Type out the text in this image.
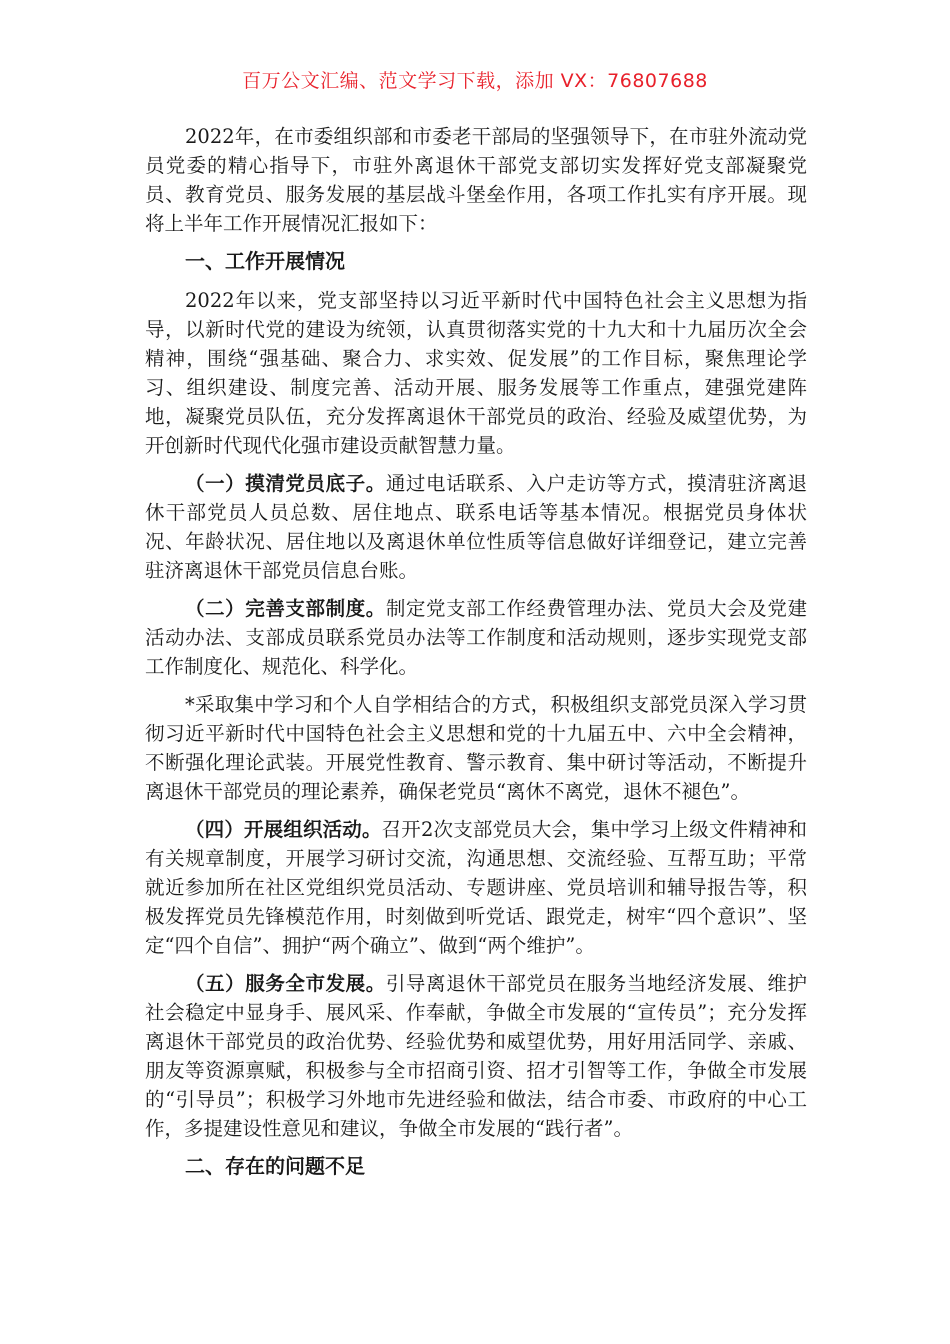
百万公文汇编、范文学习下载，添加 VX：76807688

2022年，在市委组织部和市委老干部局的坚强领导下，在市驻外流动党员党委的精心指导下，市驻外离退休干部党支部切实发挥好党支部凝聚党员、教育党员、服务发展的基层战斗堡垒作用，各项工作扎实有序开展。现将上半年工作开展情况汇报如下：

一、工作开展情况

2022年以来，党支部坚持以习近平新时代中国特色社会主义思想为指导，以新时代党的建设为统领，认真贯彻落实党的十九大和十九届历次全会精神，围绕“强基础、聚合力、求实效、促发展”的工作目标，聚焦理论学习、组织建设、制度完善、活动开展、服务发展等工作重点，建强党建阵地，凝聚党员队伍，充分发挥离退休干部党员的政治、经验及威望优势，为开创新时代现代化强市建设贡献智慧力量。

（一）摸清党员底子。通过电话联系、入户走访等方式，摸清驻济离退休干部党员人员总数、居住地点、联系电话等基本情况。根据党员身体状况、年龄状况、居住地以及离退休单位性质等信息做好详细登记，建立完善驻济离退休干部党员信息台账。

（二）完善支部制度。制定党支部工作经费管理办法、党员大会及党建活动办法、支部成员联系党员办法等工作制度和活动规则，逐步实现党支部工作制度化、规范化、科学化。

*采取集中学习和个人自学相结合的方式，积极组织支部党员深入学习贯彻习近平新时代中国特色社会主义思想和党的十九届五中、六中全会精神，不断强化理论武装。开展党性教育、警示教育、集中研讨等活动，不断提升离退休干部党员的理论素养，确保老党员“离休不离党，退休不褪色”。

（四）开展组织活动。召开2次支部党员大会，集中学习上级文件精神和有关规章制度，开展学习研讨交流，沟通思想、交流经验、互帮互助；平常就近参加所在社区党组织党员活动、专题讲座、党员培训和辅导报告等，积极发挥党员先锋模范作用，时刻做到听党话、跟党走，树牢“四个意识”、坚定“四个自信”、拥护“两个确立”、做到“两个维护”。

（五）服务全市发展。引导离退休干部党员在服务当地经济发展、维护社会稳定中显身手、展风采、作奉献，争做全市发展的“宣传员”；充分发挥离退休干部党员的政治优势、经验优势和威望优势，用好用活同学、亲戚、朋友等资源禀赋，积极参与全市招商引资、招才引智等工作，争做全市发展的“引导员”；积极学习外地市先进经验和做法，结合市委、市政府的中心工作，多提建设性意见和建议，争做全市发展的“践行者”。

二、存在的问题不足
